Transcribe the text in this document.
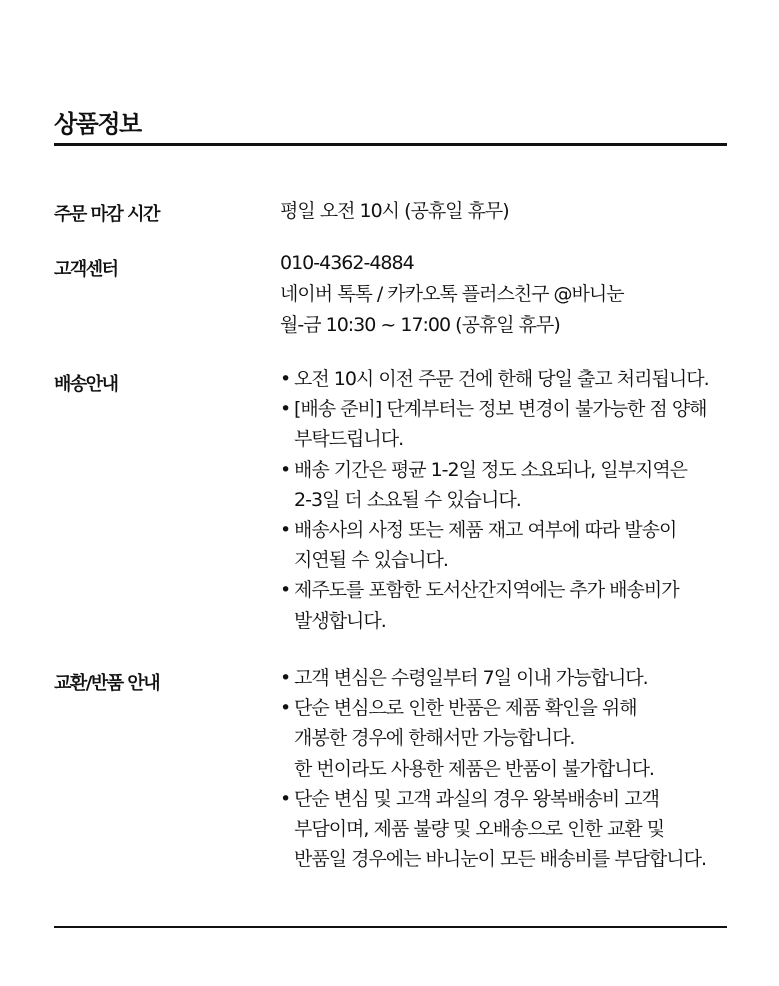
상품정보
주문 마감 시간	평일 오전 10시 (공휴일 휴무)
고객센터	010-4362-4884
네이버 톡톡 / 카카오톡 플러스친구 @바니눈
월-금 10:30 ~ 17:00 (공휴일 휴무)
배송안내	• 오전 10시 이전 주문 건에 한해 당일 출고 처리됩니다.
• [배송 준비] 단계부터는 정보 변경이 불가능한 점 양해
부탁드립니다.
• 배송 기간은 평균 1-2일 정도 소요되나, 일부지역은
2-3일 더 소요될 수 있습니다.
• 배송사의 사정 또는 제품 재고 여부에 따라 발송이
지연될 수 있습니다.
• 제주도를 포함한 도서산간지역에는 추가 배송비가
발생합니다.
교환/반품 안내	• 고객 변심은 수령일부터 7일 이내 가능합니다.
• 단순 변심으로 인한 반품은 제품 확인을 위해
개봉한 경우에 한해서만 가능합니다.
한 번이라도 사용한 제품은 반품이 불가합니다.
• 단순 변심 및 고객 과실의 경우 왕복배송비 고객
부담이며, 제품 불량 및 오배송으로 인한 교환 및
반품일 경우에는 바니눈이 모든 배송비를 부담합니다.
